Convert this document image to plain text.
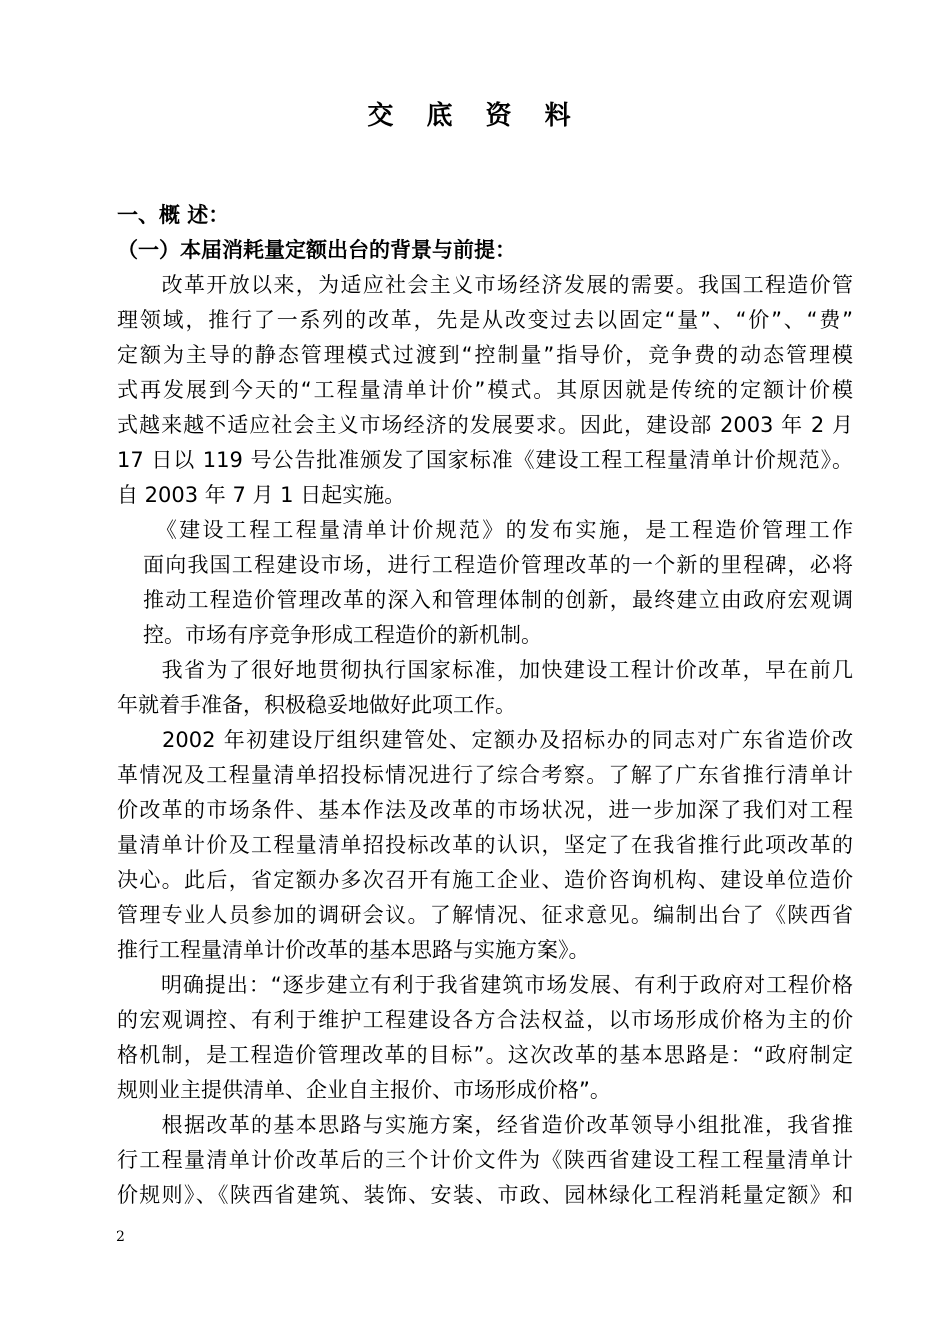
交 底 资 料
一、概 述：
（一）本届消耗量定额出台的背景与前提：
　　改革开放以来，为适应社会主义市场经济发展的需要。我国工程造价管
理领域，推行了一系列的改革，先是从改变过去以固定“量”、“价”、“费”
定额为主导的静态管理模式过渡到“控制量”指导价，竞争费的动态管理模
式再发展到今天的“工程量清单计价”模式。其原因就是传统的定额计价模
式越来越不适应社会主义市场经济的发展要求。因此，建设部 2003 年 2 月
17 日以 119 号公告批准颁发了国家标准《建设工程工程量清单计价规范》。
自 2003 年 7 月 1 日起实施。
　《建设工程工程量清单计价规范》的发布实施，是工程造价管理工作
面向我国工程建设市场，进行工程造价管理改革的一个新的里程碑，必将
推动工程造价管理改革的深入和管理体制的创新，最终建立由政府宏观调
控。市场有序竞争形成工程造价的新机制。
　　我省为了很好地贯彻执行国家标准，加快建设工程计价改革，早在前几
年就着手准备，积极稳妥地做好此项工作。
　　2002 年初建设厅组织建管处、定额办及招标办的同志对广东省造价改
革情况及工程量清单招投标情况进行了综合考察。了解了广东省推行清单计
价改革的市场条件、基本作法及改革的市场状况，进一步加深了我们对工程
量清单计价及工程量清单招投标改革的认识，坚定了在我省推行此项改革的
决心。此后，省定额办多次召开有施工企业、造价咨询机构、建设单位造价
管理专业人员参加的调研会议。了解情况、征求意见。编制出台了《陕西省
推行工程量清单计价改革的基本思路与实施方案》。
　　明确提出：“逐步建立有利于我省建筑市场发展、有利于政府对工程价格
的宏观调控、有利于维护工程建设各方合法权益，以市场形成价格为主的价
格机制，是工程造价管理改革的目标”。这次改革的基本思路是：“政府制定
规则业主提供清单、企业自主报价、市场形成价格”。
　　根据改革的基本思路与实施方案，经省造价改革领导小组批准，我省推
行工程量清单计价改革后的三个计价文件为《陕西省建设工程工程量清单计
价规则》、《陕西省建筑、装饰、安装、市政、园林绿化工程消耗量定额》和
2
